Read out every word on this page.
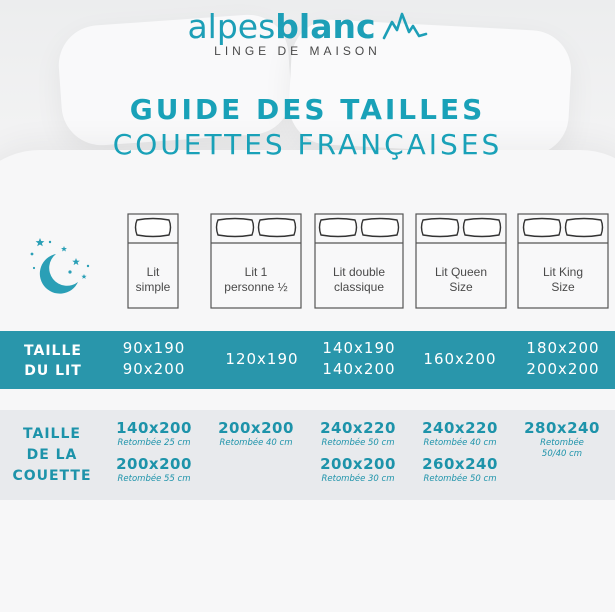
alpesblanc
LINGE DE MAISON
GUIDE DES TAILLES
COUETTES FRANÇAISES
Lit
simple
Lit 1
personne ½
Lit double
classique
Lit Queen
Size
Lit King
Size
TAILLE
DU LIT
90x190
90x200
120x190
140x190
140x200
160x200
180x200
200x200
TAILLE
DE LA
COUETTE
140x200
Retombée 25 cm
200x200
Retombée 55 cm
200x200
Retombée 40 cm
240x220
Retombée 50 cm
200x200
Retombée 30 cm
240x220
Retombée 40 cm
260x240
Retombée 50 cm
280x240
Retombée 50/40 cm
